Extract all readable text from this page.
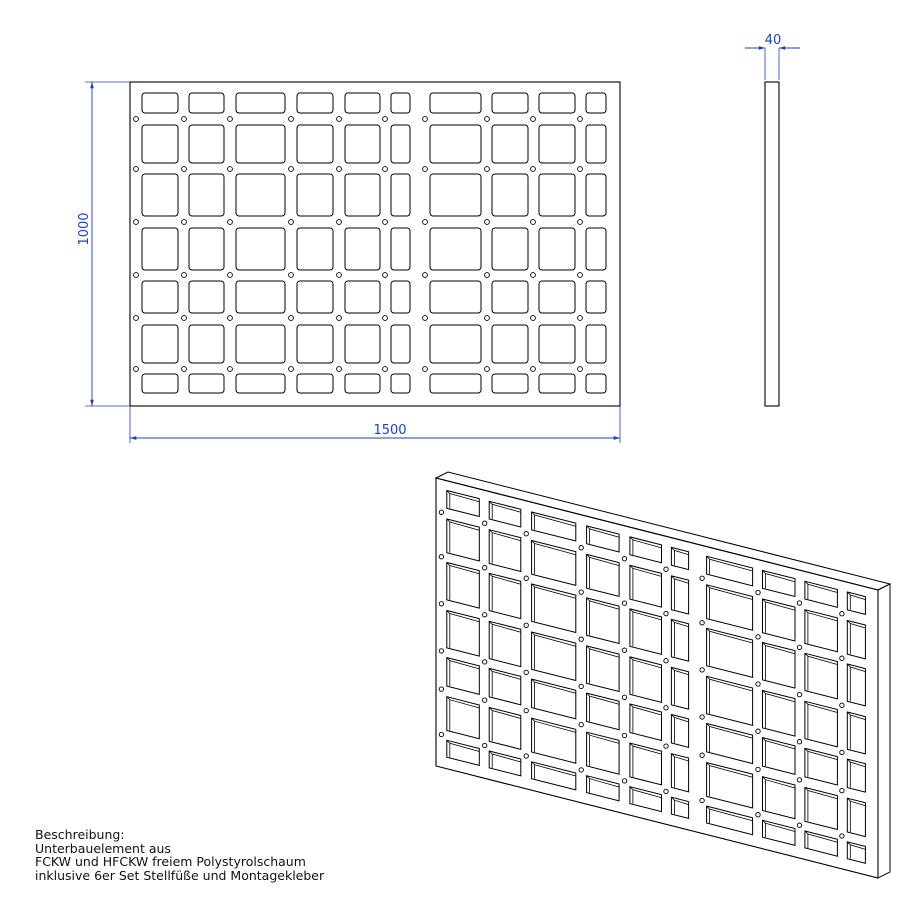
1000
1500
40
Beschreibung:
Unterbauelement aus
FCKW und HFCKW freiem Polystyrolschaum
inklusive 6er Set Stellfüße und Montagekleber
